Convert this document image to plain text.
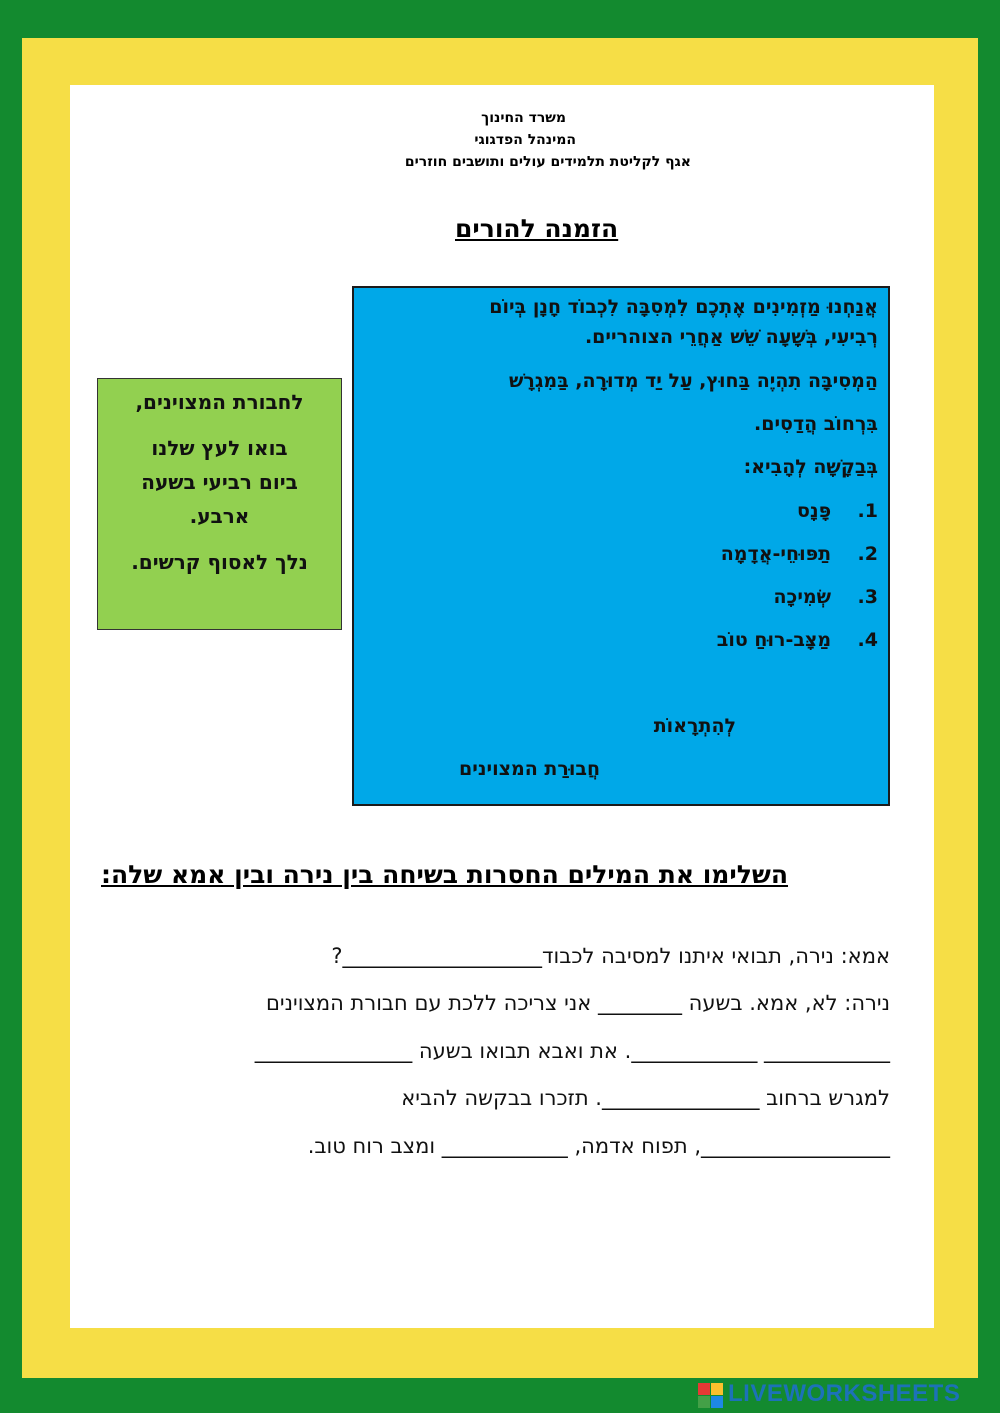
משרד החינוך
המינהל הפדגוגי
אגף לקליטת תלמידים עולים ותושבים חוזרים
הזמנה להורים
אֲנַחְנוּ מַזְמִינִים אֶתְכֶם לִמְסִבָּה לִכְבוֹד חָנָן בְּיוֹם
רְבִיעִי, בְּשָׁעָה שֵׁשׁ אַחֲרֵי הצוהריים.
הַמְסִיבָּה תִהְיֶה בַּחוּץ, עַל יַד מְדוּרָה, בַּמִגְרָשׁ
בִּרְחוֹב הֲדַסִים.
בְּבַקָשָׁה לְהָבִיא:
1.    פָּנָס
2.    תַפּוּחֵי-אֲדָמָה
3.    שְׂמִיכָה
4.    מַצָּב-רוּחַ טוֹב
לְהִתְרָאוֹת
חֲבוּרַת המצוינים
לחבורת המצוינים,
בואו לעץ שלנו
ביום רביעי בשעה
ארבע.
נלך לאסוף קרשים.
השלימו את המילים החסרות בשיחה בין נירה ובין אמא שלה:
אמא: נירה, תבואי איתנו למסיבה לכבוד___________________?
נירה: לא, אמא. בשעה ________ אני צריכה ללכת עם חבורת המצוינים
____________ ____________. את ואבא תבואו בשעה _______________
למגרש ברחוב _______________. תזכרו בבקשה להביא
__________________, תפוח אדמה, ____________ ומצב רוח טוב.
LIVEWORKSHEETS
